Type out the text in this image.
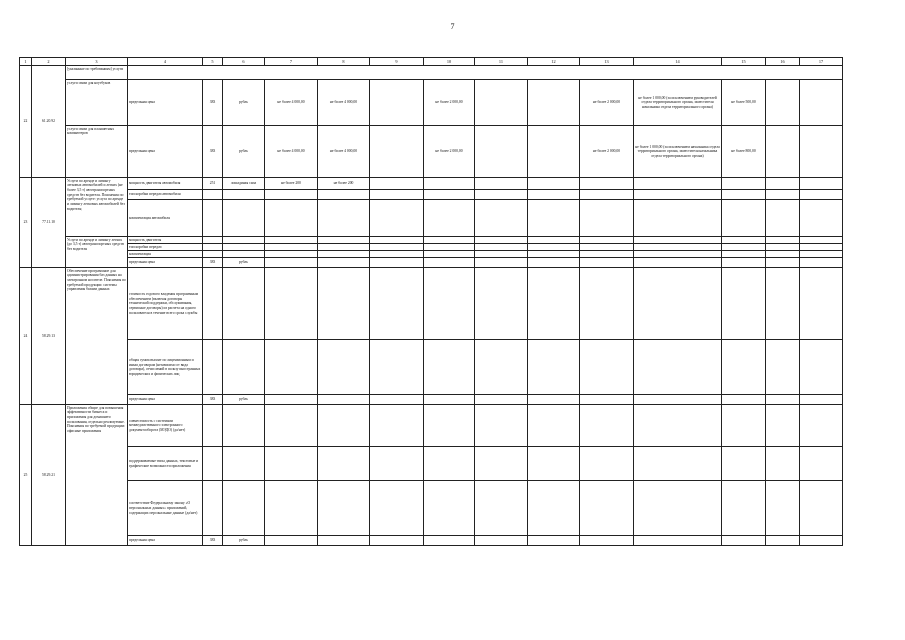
7
1	2	3	4	5	6	7	8	9	10	11	12	13	14	15	16	17
22	61.20.92	[указанные по требованиям] услуги														
		услуги связи для ноутбуков	предельная цена	383	рубль	не более 4 000,00	не более 4 000,00		не более 2 000,00			не более 2 000,00	не более 1 000,00 (за исключением руководителей отдела территориального органа, заместителя начальника отдела территориального органа)	не более 500,00		
		услуги связи для планшетных компьютеров	предельная цена	383	рубль	не более 4 000,00	не более 4 000,00		не более 2 000,00			не более 2 000,00	не более 1 000,00 (за исключением начальника отдела территориального органа, заместителя начальника отдела территориального органа)	не более 800,00		
23	77.11.10	Услуги по аренде и лизингу легковых автомобилей и легких (не более 3,5 т) автотранспортных средств без водителя. Пояснения по требуемой услуге: услуга по аренде и лизингу легковых автомобилей без водителя;	мощность двигателя автомобиля	251	лошадиная сила	не более 200	не более 200									
			тип коробки передач автомобиля													
			комплектация автомобиля													
		Услуги по аренде и лизингу легких (до 3,5 т) автотранспортных средств без водителя	мощность двигателя													
			тип коробки передач													
			комплектация													
			предельная цена	383	рубль											
24	58.29.13	Обеспечение программное для администрирования баз данных на электронном носителе. Пояснения по требуемой продукции: системы управления базами данных	стоимость годового владения программным обеспечением (включая договоры технической поддержки, обслуживания, сервисные договоры) из расчета на одного пользователя в течение всего срока службы													
			общая сумма выплат по лицензионным и иным договорам (независимо от вида договора), отчислений в пользу иностранных юридических и физических лиц													
			предельная цена	383	рубль											
25	58.29.21	Приложения общие для повышения эффективности бизнеса и приложения для домашнего пользования, отдельно реализуемые. Пояснения по требуемой продукции: офисные приложения	совместимость с системами межведомственного электронного документооборота (МЭДО) (да/нет)													
			поддерживаемые типы данных, текстовые и графические возможности приложения													
			соответствие Федеральному закону «О персональных данных» приложений, содержащих персональные данные (да/нет)													
			предельная цена	383	рубль											
